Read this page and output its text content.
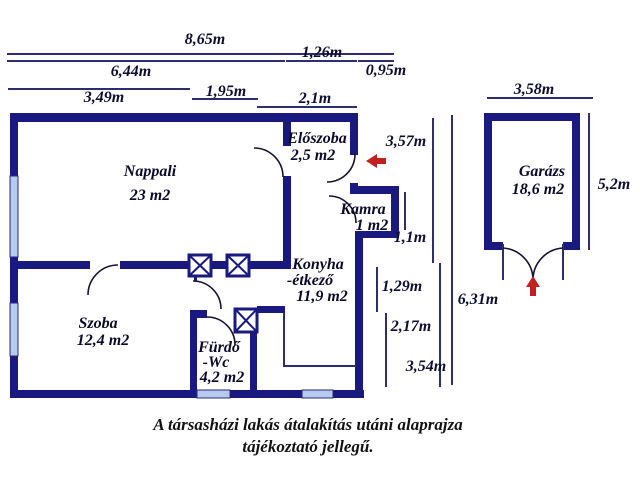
8,65m
6,44m
1,26m
0,95m
3,49m	1,95m	2,1m
3,58m
5,2m
3,57m
1,1m
1,29m
2,17m
3,54m
6,31m
Nappali
23 m2
Előszoba
2,5 m2
Kamra
1 m2
Konyha
-étkező
11,9 m2
Szoba
12,4 m2	Fürdő
-Wc
4,2 m2
Garázs
18,6 m2
A társasházi lakás átalakítás utáni alaprajza
tájékoztató jellegű.
